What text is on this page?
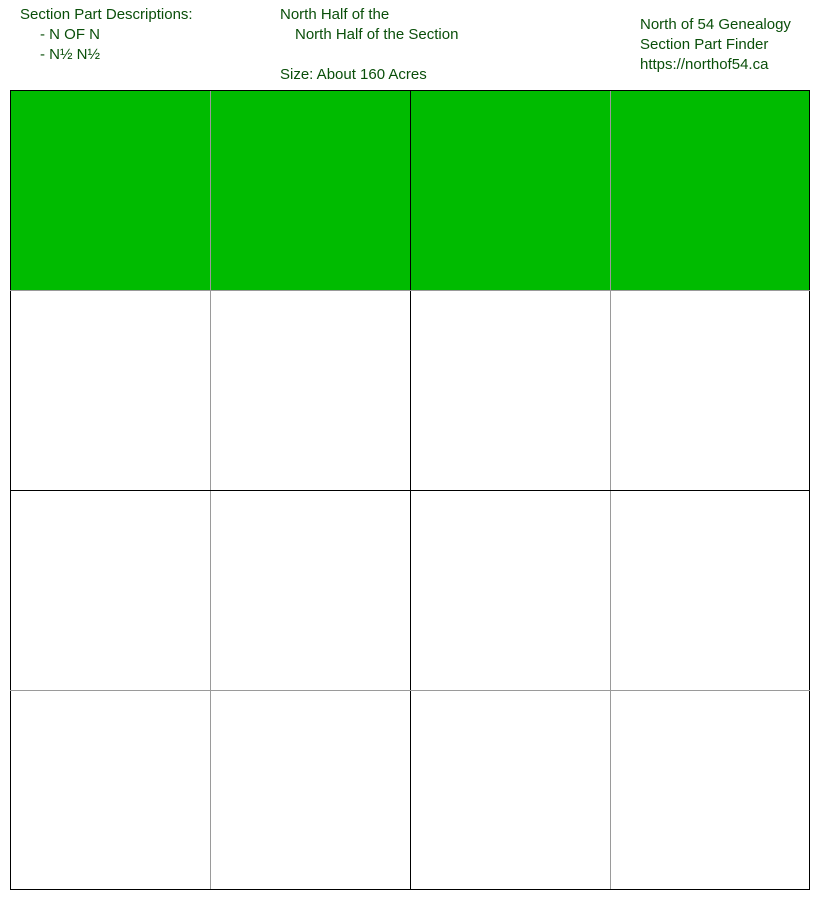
Section Part Descriptions:
- N OF N
- N½ N½
North Half of the
North Half of the Section
Size: About 160 Acres
North of 54 Genealogy
Section Part Finder
https://northof54.ca
